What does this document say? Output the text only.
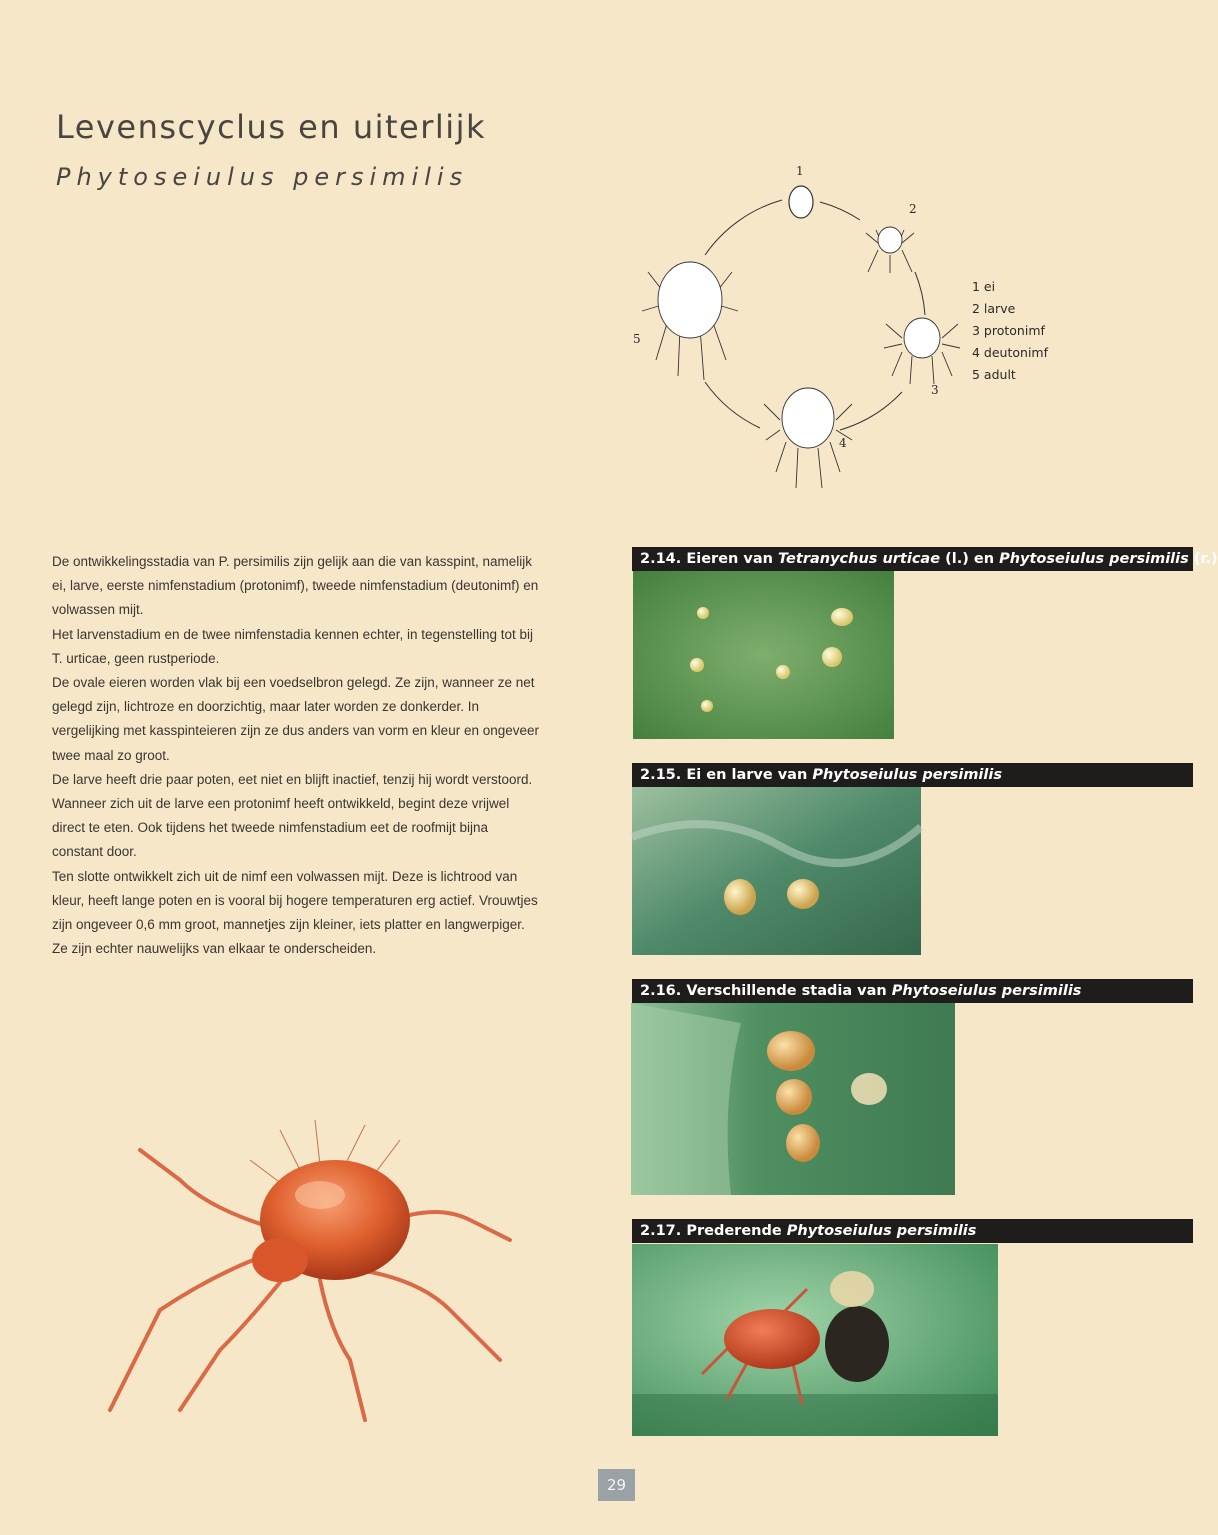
Levenscyclus en uiterlijk
Phytoseiulus persimilis	1
2
3
4
5
1 ei
2 larve
3 protonimf
4 deutonimf
5 adult

De ontwikkelingsstadia van P. persimilis zijn gelijk aan die van kasspint, namelijk ei, larve, eerste nimfenstadium (protonimf), tweede nimfenstadium (deutonimf) en volwassen mijt.

Het larvenstadium en de twee nimfenstadia kennen echter, in tegenstelling tot bij T. urticae, geen rustperiode.

De ovale eieren worden vlak bij een voedselbron gelegd. Ze zijn, wanneer ze net gelegd zijn, lichtroze en doorzichtig, maar later worden ze donkerder. In vergelijking met kasspinteieren zijn ze dus anders van vorm en kleur en ongeveer twee maal zo groot.

De larve heeft drie paar poten, eet niet en blijft inactief, tenzij hij wordt verstoord.

Wanneer zich uit de larve een protonimf heeft ontwikkeld, begint deze vrijwel direct te eten. Ook tijdens het tweede nimfenstadium eet de roofmijt bijna constant door.

Ten slotte ontwikkelt zich uit de nimf een volwassen mijt. Deze is lichtrood van kleur, heeft lange poten en is vooral bij hogere temperaturen erg actief. Vrouwtjes zijn ongeveer 0,6 mm groot, mannetjes zijn kleiner, iets platter en langwerpiger. Ze zijn echter nauwelijks van elkaar te onderscheiden.

2.14. Eieren van Tetranychus urticae (l.) en Phytoseiulus persimilis (r.)
2.15. Ei en larve van Phytoseiulus persimilis
2.16. Verschillende stadia van Phytoseiulus persimilis
2.17. Prederende Phytoseiulus persimilis
29
